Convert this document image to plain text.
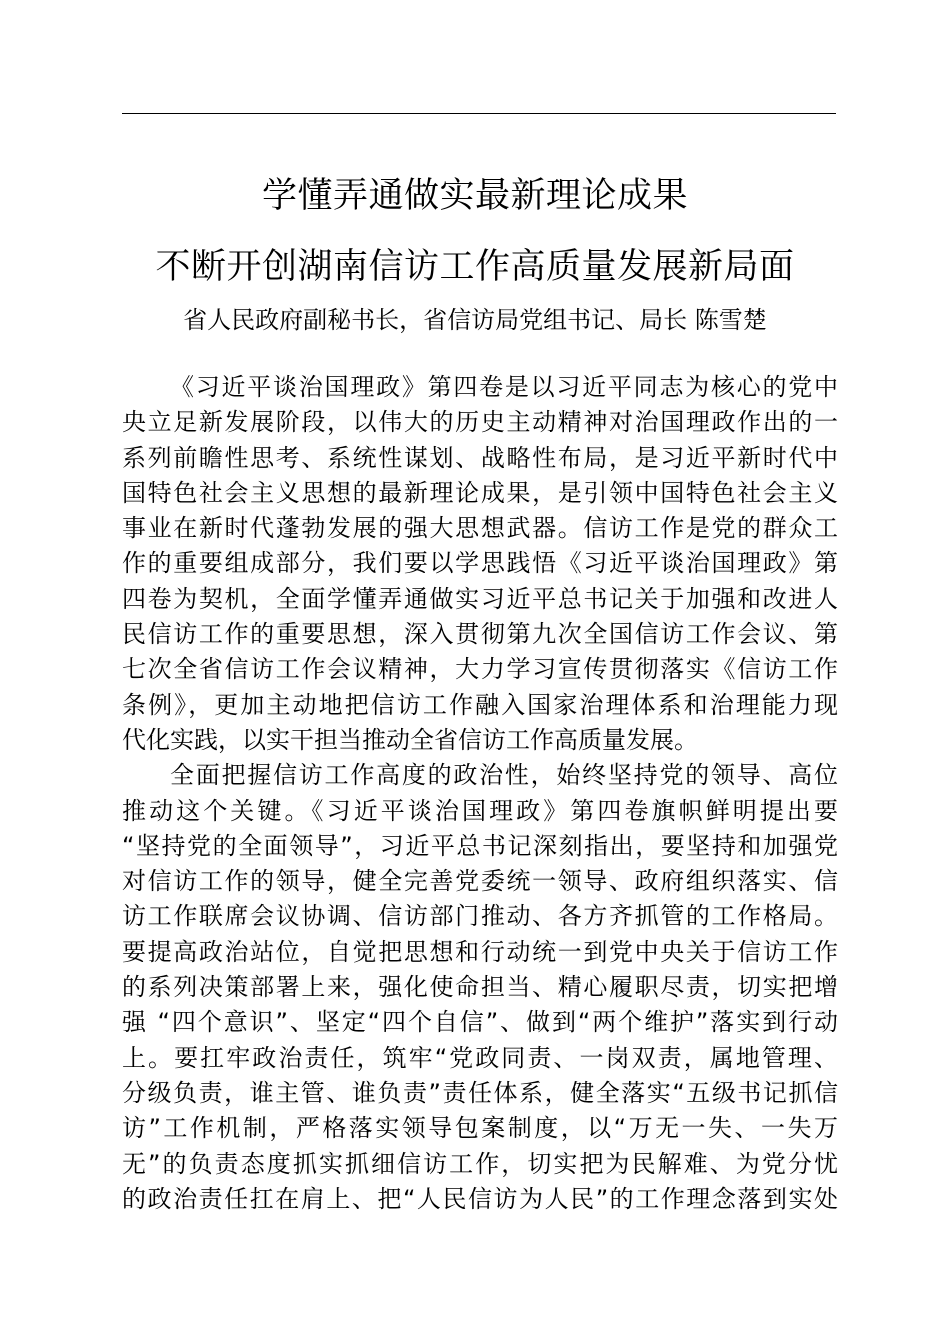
学懂弄通做实最新理论成果
不断开创湖南信访工作高质量发展新局面
省人民政府副秘书长，省信访局党组书记、局长 陈雪楚
《习近平谈治国理政》第四卷是以习近平同志为核心的党中
央立足新发展阶段，以伟大的历史主动精神对治国理政作出的一
系列前瞻性思考、系统性谋划、战略性布局，是习近平新时代中
国特色社会主义思想的最新理论成果，是引领中国特色社会主义
事业在新时代蓬勃发展的强大思想武器。信访工作是党的群众工
作的重要组成部分，我们要以学思践悟《习近平谈治国理政》第
四卷为契机，全面学懂弄通做实习近平总书记关于加强和改进人
民信访工作的重要思想，深入贯彻第九次全国信访工作会议、第
七次全省信访工作会议精神，大力学习宣传贯彻落实《信访工作
条例》，更加主动地把信访工作融入国家治理体系和治理能力现
代化实践，以实干担当推动全省信访工作高质量发展。
全面把握信访工作高度的政治性，始终坚持党的领导、高位
推动这个关键。《习近平谈治国理政》第四卷旗帜鲜明提出要
“坚持党的全面领导”，习近平总书记深刻指出，要坚持和加强党
对信访工作的领导，健全完善党委统一领导、政府组织落实、信
访工作联席会议协调、信访部门推动、各方齐抓管的工作格局。
要提高政治站位，自觉把思想和行动统一到党中央关于信访工作
的系列决策部署上来，强化使命担当、精心履职尽责，切实把增
强 “四个意识”、坚定“四个自信”、做到“两个维护”落实到行动
上。要扛牢政治责任，筑牢“党政同责、一岗双责，属地管理、
分级负责，谁主管、谁负责”责任体系，健全落实“五级书记抓信
访”工作机制，严格落实领导包案制度，以“万无一失、一失万
无”的负责态度抓实抓细信访工作，切实把为民解难、为党分忧
的政治责任扛在肩上、把“人民信访为人民”的工作理念落到实处
